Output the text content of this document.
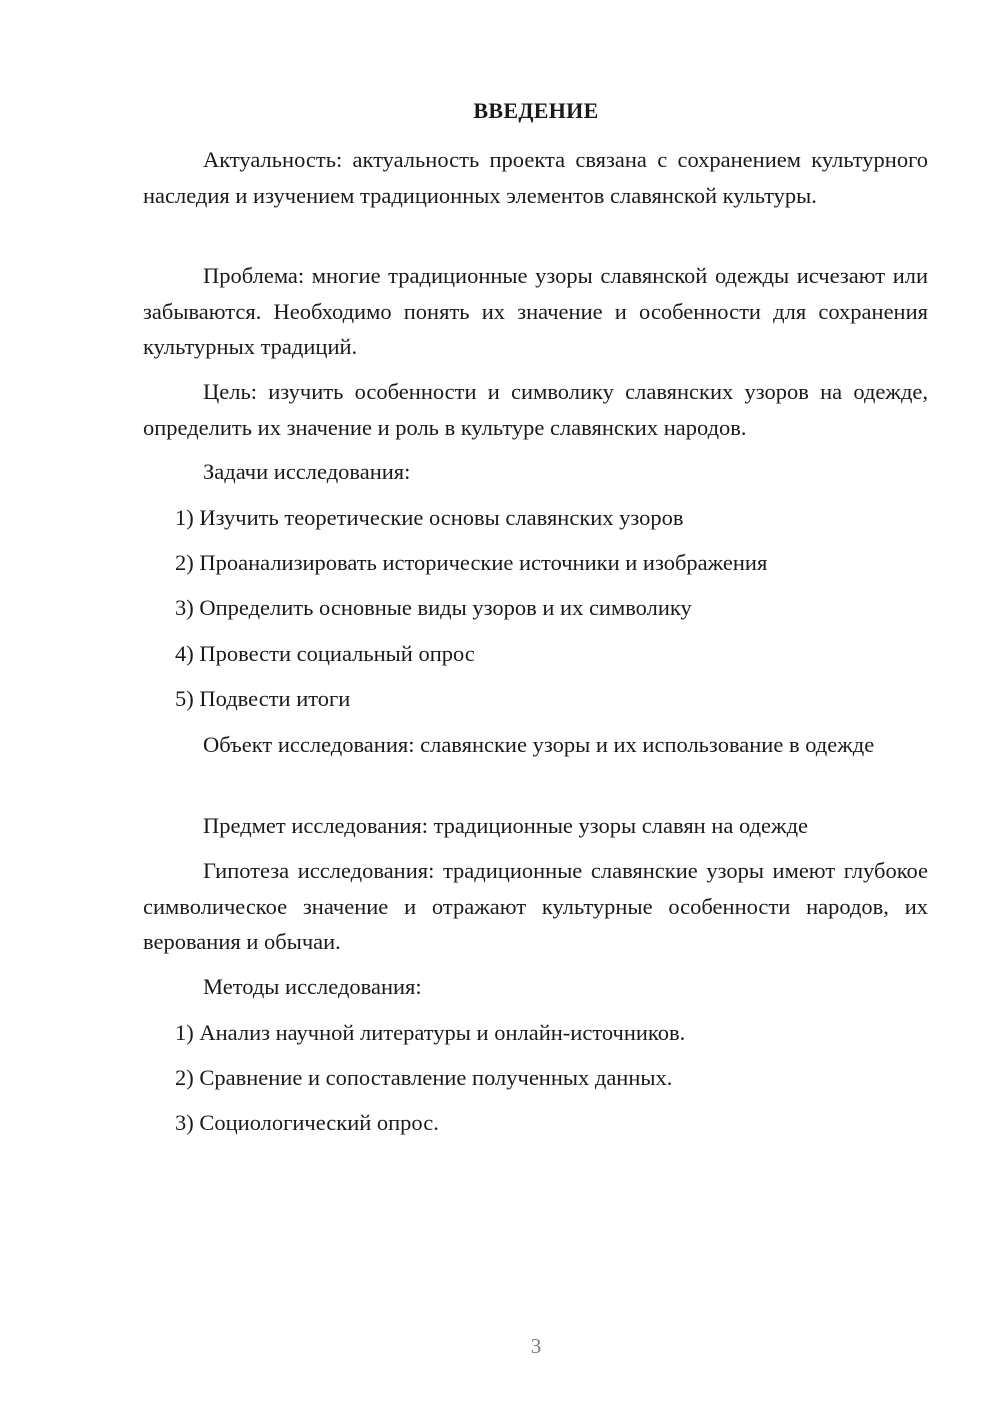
ВВЕДЕНИЕ

Актуальность: актуальность проекта связана с сохранением культурного наследия и изучением традиционных элементов славянской культуры.

Проблема: многие традиционные узоры славянской одежды исчезают или забываются. Необходимо понять их значение и особенности для сохранения культурных традиций.

Цель: изучить особенности и символику славянских узоров на одежде, определить их значение и роль в культуре славянских народов.

Задачи исследования:

1) Изучить теоретические основы славянских узоров

2) Проанализировать исторические источники и изображения

3) Определить основные виды узоров и их символику

4) Провести социальный опрос

5) Подвести итоги

Объект исследования: славянские узоры и их использование в одежде

Предмет исследования: традиционные узоры славян на одежде

Гипотеза исследования: традиционные славянские узоры имеют глубокое символическое значение и отражают культурные особенности народов, их верования и обычаи.

Методы исследования:

1) Анализ научной литературы и онлайн-источников.

2) Сравнение и сопоставление полученных данных.

3) Социологический опрос.

3
